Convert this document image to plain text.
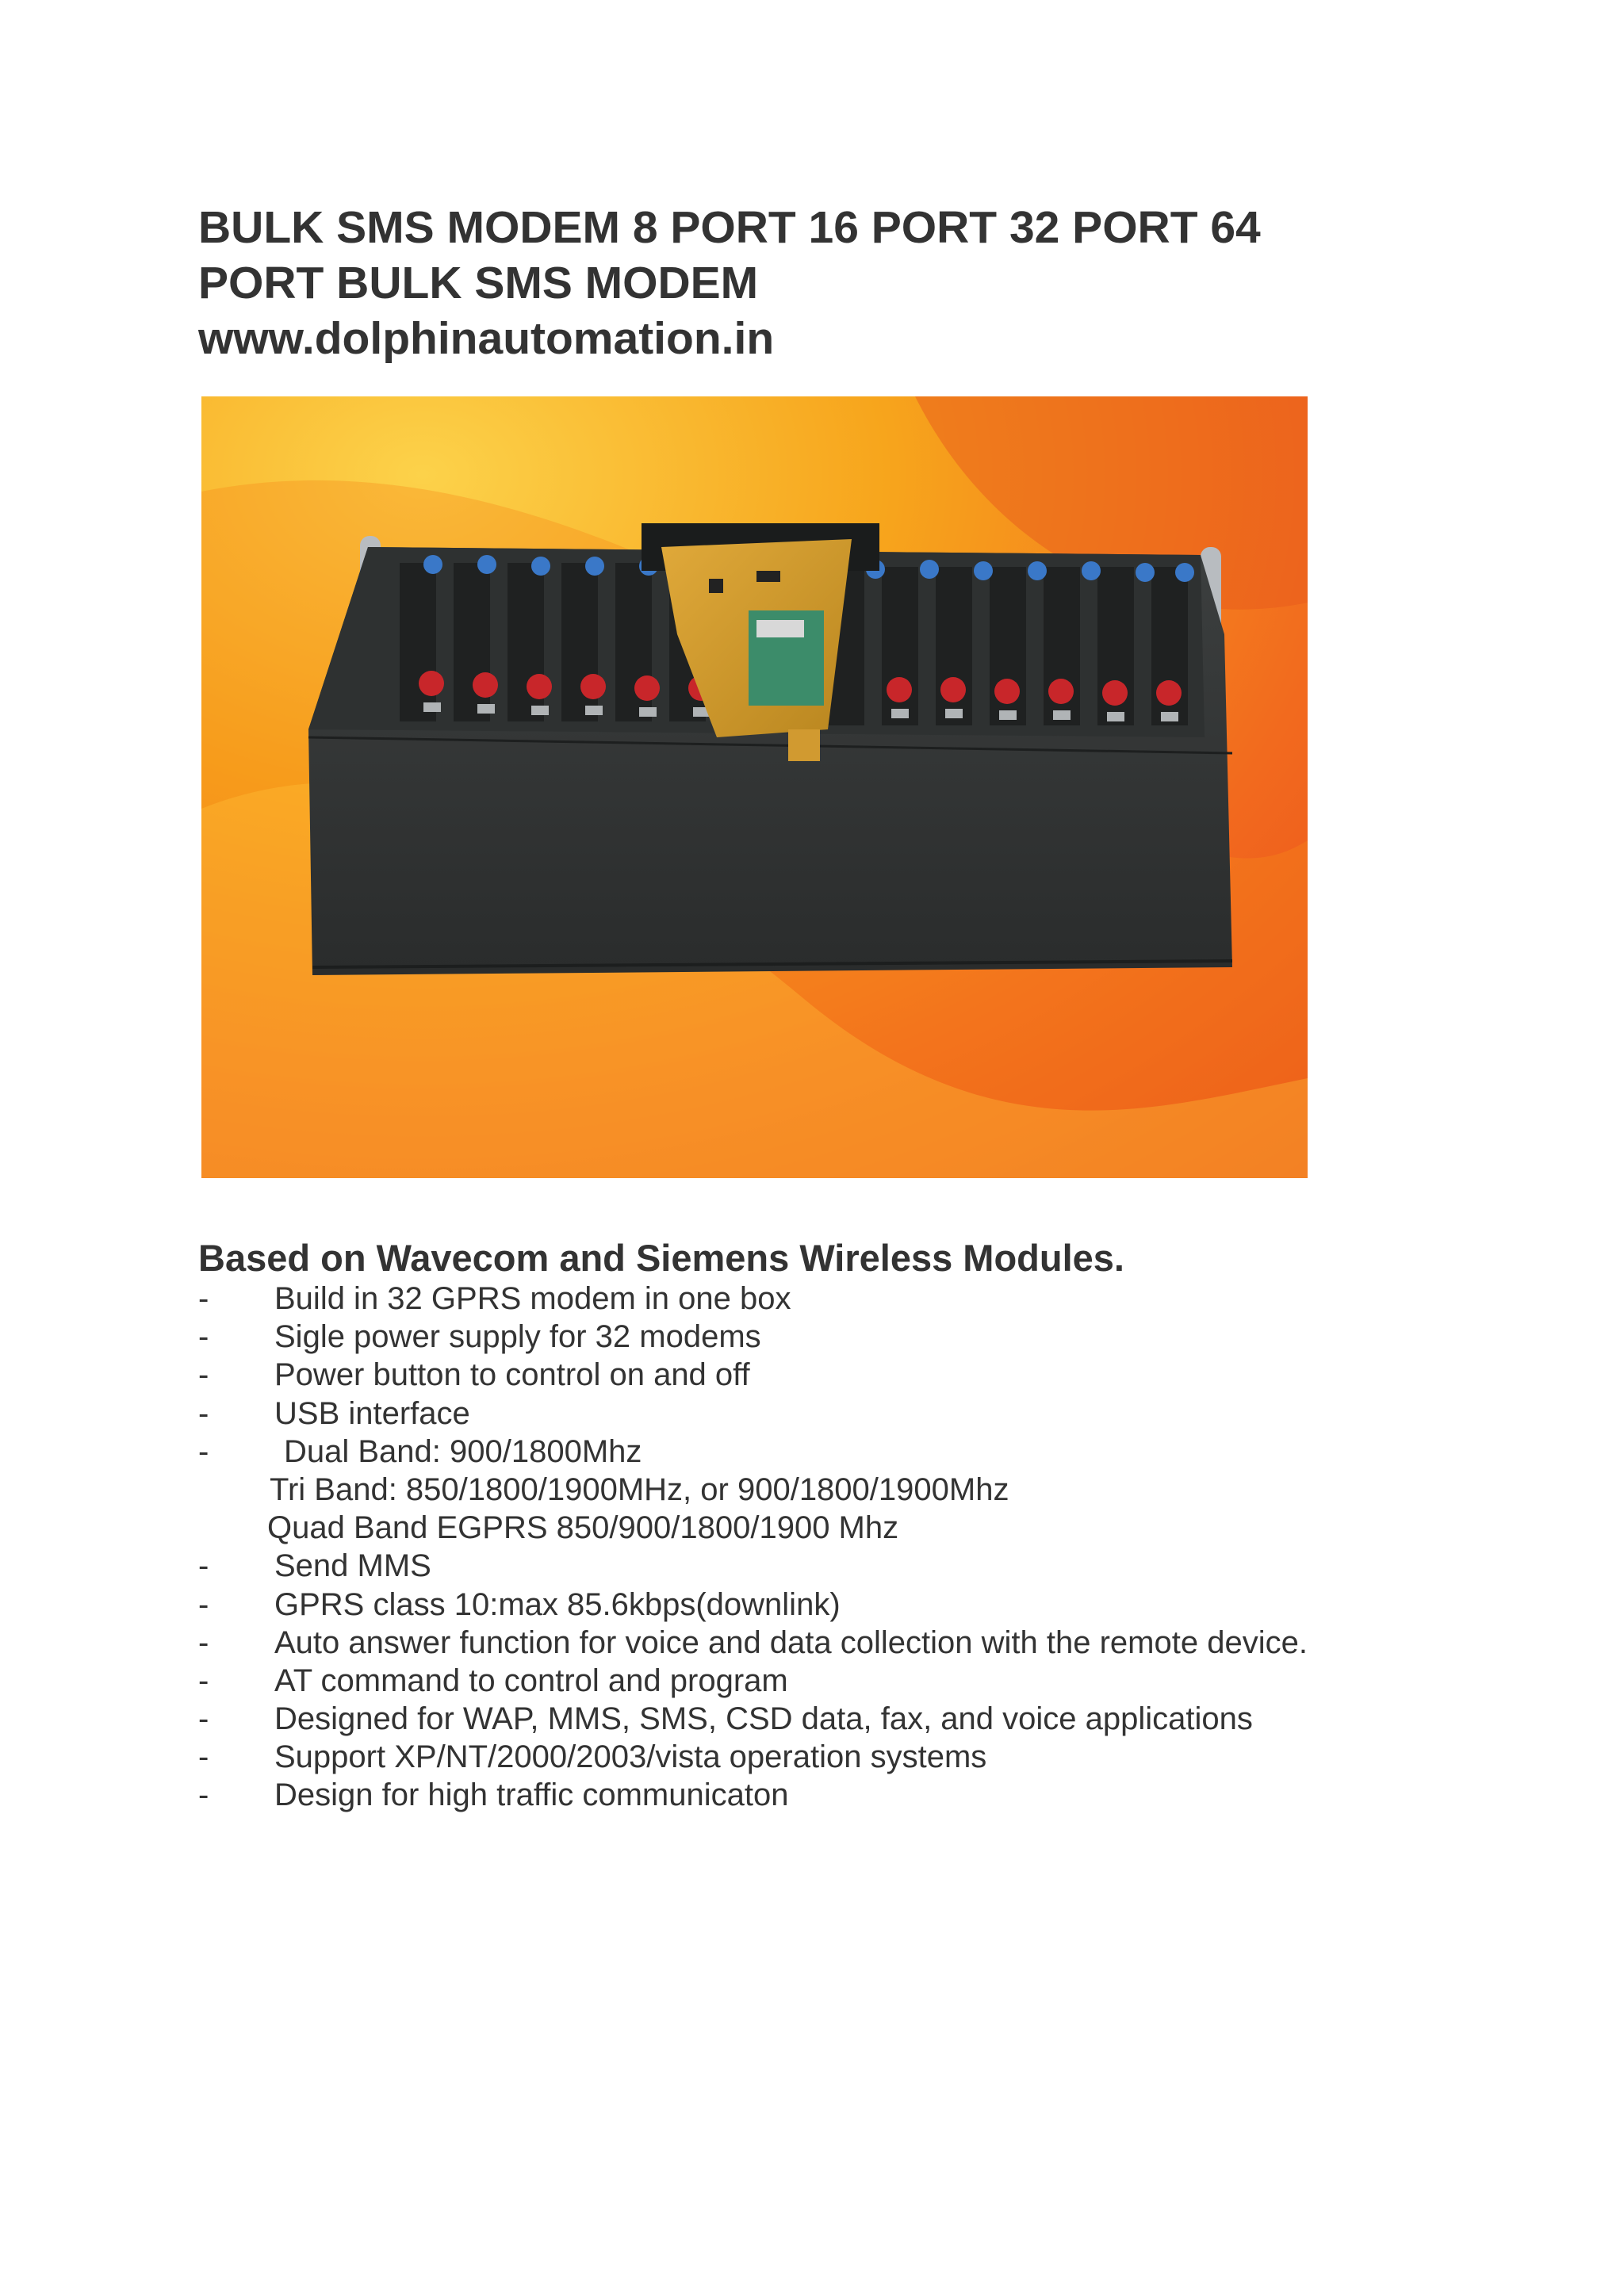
BULK SMS MODEM 8 PORT 16 PORT 32 PORT 64
PORT BULK SMS MODEM
www.dolphinautomation.in
Based on Wavecom and Siemens Wireless Modules.
- Build in 32 GPRS modem in one box
- Sigle power supply for 32 modems
- Power button to control on and off
- USB interface
- Dual Band: 900/1800Mhz
Tri Band: 850/1800/1900MHz, or 900/1800/1900Mhz
Quad Band EGPRS 850/900/1800/1900 Mhz
- Send MMS
- GPRS class 10:max 85.6kbps(downlink)
- Auto answer function for voice and data collection with the remote device.
- AT command to control and program
- Designed for WAP, MMS, SMS, CSD data, fax, and voice applications
- Support XP/NT/2000/2003/vista operation systems
- Design for high traffic communicaton
